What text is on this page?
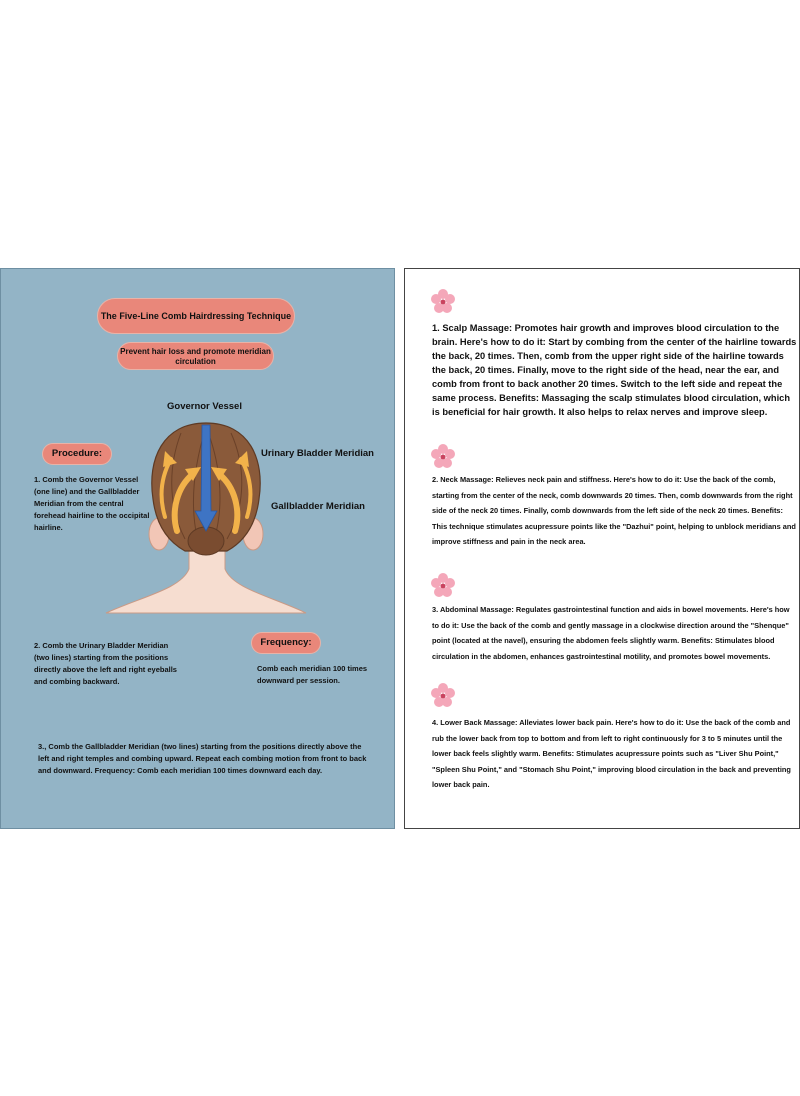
The Five-Line Comb Hairdressing Technique
Prevent hair loss and promote meridian circulation
Governor Vessel
Urinary Bladder Meridian
Gallbladder Meridian
Procedure:
1. Comb the Governor Vessel (one line) and the Gallbladder Meridian from the central forehead hairline to the occipital hairline.
2. Comb the Urinary Bladder Meridian (two lines) starting from the positions directly above the left and right eyeballs and combing backward.
Frequency:
Comb each meridian 100 times downward per session.
3., Comb the Gallbladder Meridian (two lines) starting from the positions directly above the left and right temples and combing upward. Repeat each combing motion from front to back and downward. Frequency: Comb each meridian 100 times downward each day.
1. Scalp Massage: Promotes hair growth and improves blood circulation to the brain. Here's how to do it: Start by combing from the center of the hairline towards the back, 20 times. Then, comb from the upper right side of the hairline towards the back, 20 times. Finally, move to the right side of the head, near the ear, and comb from front to back another 20 times. Switch to the left side and repeat the same process. Benefits: Massaging the scalp stimulates blood circulation, which is beneficial for hair growth. It also helps to relax nerves and improve sleep.
2. Neck Massage: Relieves neck pain and stiffness. Here's how to do it: Use the back of the comb, starting from the center of the neck, comb downwards 20 times. Then, comb downwards from the right side of the neck 20 times. Finally, comb downwards from the left side of the neck 20 times. Benefits: This technique stimulates acupressure points like the "Dazhui" point, helping to unblock meridians and improve stiffness and pain in the neck area.
3. Abdominal Massage: Regulates gastrointestinal function and aids in bowel movements. Here's how to do it: Use the back of the comb and gently massage in a clockwise direction around the "Shenque" point (located at the navel), ensuring the abdomen feels slightly warm. Benefits: Stimulates blood circulation in the abdomen, enhances gastrointestinal motility, and promotes bowel movements.
4. Lower Back Massage: Alleviates lower back pain. Here's how to do it: Use the back of the comb and rub the lower back from top to bottom and from left to right continuously for 3 to 5 minutes until the lower back feels slightly warm. Benefits: Stimulates acupressure points such as "Liver Shu Point," "Spleen Shu Point," and "Stomach Shu Point," improving blood circulation in the back and preventing lower back pain.
